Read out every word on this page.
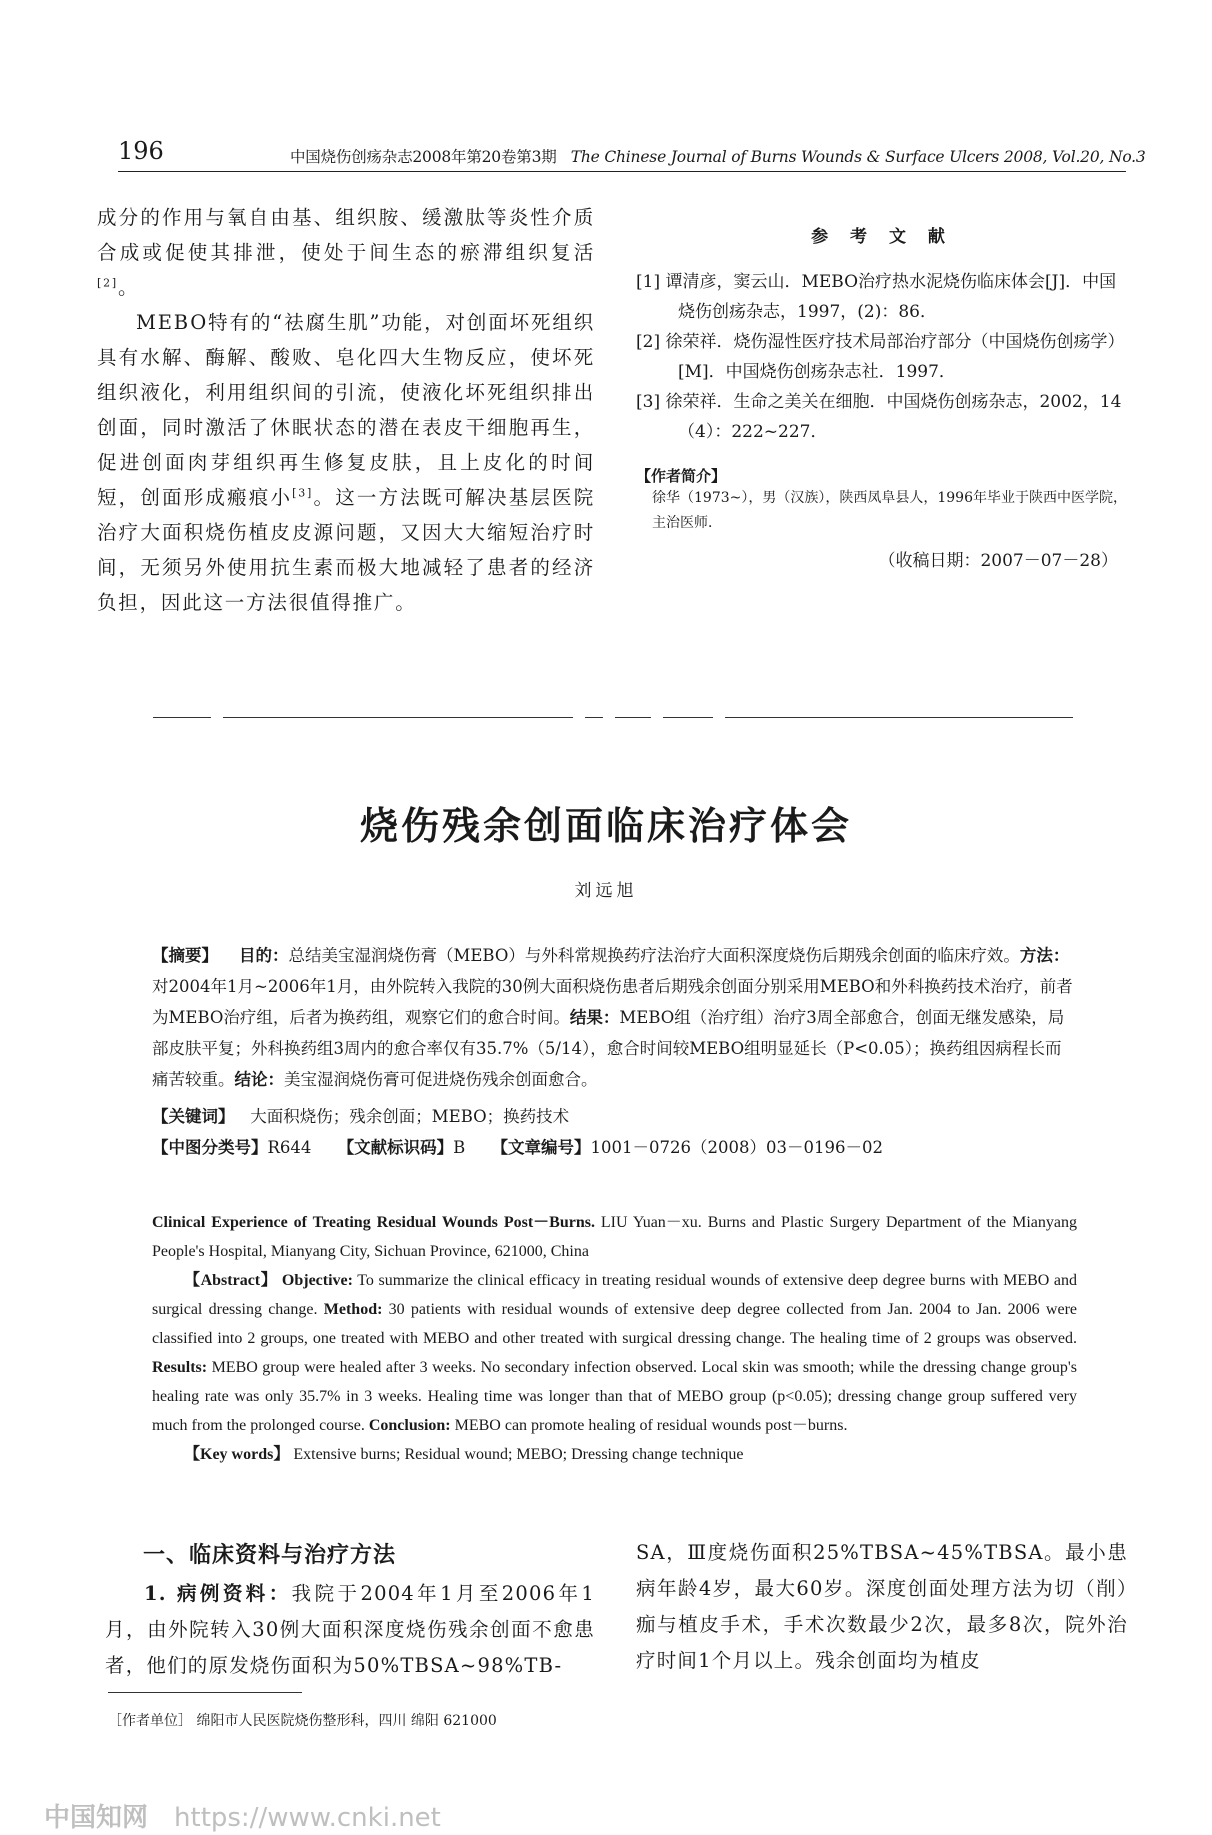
196	中国烧伤创疡杂志2008年第20卷第3期 The Chinese Journal of Burns Wounds & Surface Ulcers 2008, Vol.20, No.3

成分的作用与氧自由基、组织胺、缓激肽等炎性介质合成或促使其排泄，使处于间生态的瘀滞组织复活[2]。

MEBO特有的“祛腐生肌”功能，对创面坏死组织具有水解、酶解、酸败、皂化四大生物反应，使坏死组织液化，利用组织间的引流，使液化坏死组织排出创面，同时激活了休眠状态的潜在表皮干细胞再生，促进创面肉芽组织再生修复皮肤，且上皮化的时间短，创面形成瘢痕小[3]。这一方法既可解决基层医院治疗大面积烧伤植皮皮源问题，又因大大缩短治疗时间，无须另外使用抗生素而极大地减轻了患者的经济负担，因此这一方法很值得推广。

参 考 文 献

[1] 谭清彦，窦云山．MEBO治疗热水泥烧伤临床体会[J]．中国烧伤创疡杂志，1997，(2)：86．

[2] 徐荣祥．烧伤湿性医疗技术局部治疗部分（中国烧伤创疡学）[M]．中国烧伤创疡杂志社．1997．

[3] 徐荣祥．生命之美关在细胞．中国烧伤创疡杂志，2002，14（4）：222~227．

【作者简介】
徐华（1973~），男（汉族），陕西凤阜县人，1996年毕业于陕西中医学院，主治医师．
（收稿日期：2007－07－28）
烧伤残余创面临床治疗体会
刘远旭

【摘要】 目的：总结美宝湿润烧伤膏（MEBO）与外科常规换药疗法治疗大面积深度烧伤后期残余创面的临床疗效。方法：对2004年1月~2006年1月，由外院转入我院的30例大面积烧伤患者后期残余创面分别采用MEBO和外科换药技术治疗，前者为MEBO治疗组，后者为换药组，观察它们的愈合时间。结果：MEBO组（治疗组）治疗3周全部愈合，创面无继发感染，局部皮肤平复；外科换药组3周内的愈合率仅有35.7%（5/14），愈合时间较MEBO组明显延长（P<0.05）；换药组因病程长而痛苦较重。结论：美宝湿润烧伤膏可促进烧伤残余创面愈合。

【关键词】 大面积烧伤；残余创面；MEBO；换药技术

【中图分类号】R644 【文献标识码】B 【文章编号】1001－0726（2008）03－0196－02

Clinical Experience of Treating Residual Wounds Post－Burns. LIU Yuan－xu. Burns and Plastic Surgery Department of the Mianyang People's Hospital, Mianyang City, Sichuan Province, 621000, China

【Abstract】 Objective: To summarize the clinical efficacy in treating residual wounds of extensive deep degree burns with MEBO and surgical dressing change. Method: 30 patients with residual wounds of extensive deep degree collected from Jan. 2004 to Jan. 2006 were classified into 2 groups, one treated with MEBO and other treated with surgical dressing change. The healing time of 2 groups was observed. Results: MEBO group were healed after 3 weeks. No secondary infection observed. Local skin was smooth; while the dressing change group's healing rate was only 35.7% in 3 weeks. Healing time was longer than that of MEBO group (p<0.05); dressing change group suffered very much from the prolonged course. Conclusion: MEBO can promote healing of residual wounds post－burns.

【Key words】 Extensive burns; Residual wound; MEBO; Dressing change technique

一、临床资料与治疗方法

1. 病例资料：我院于2004年1月至2006年1月，由外院转入30例大面积深度烧伤残余创面不愈患者，他们的原发烧伤面积为50%TBSA~98%TB-

SA，Ⅲ度烧伤面积25%TBSA~45%TBSA。最小患病年龄4岁，最大60岁。深度创面处理方法为切（削）痂与植皮手术，手术次数最少2次，最多8次，院外治疗时间1个月以上。残余创面均为植皮

［作者单位］ 绵阳市人民医院烧伤整形科，四川 绵阳 621000
中国知网 https://www.cnki.net
